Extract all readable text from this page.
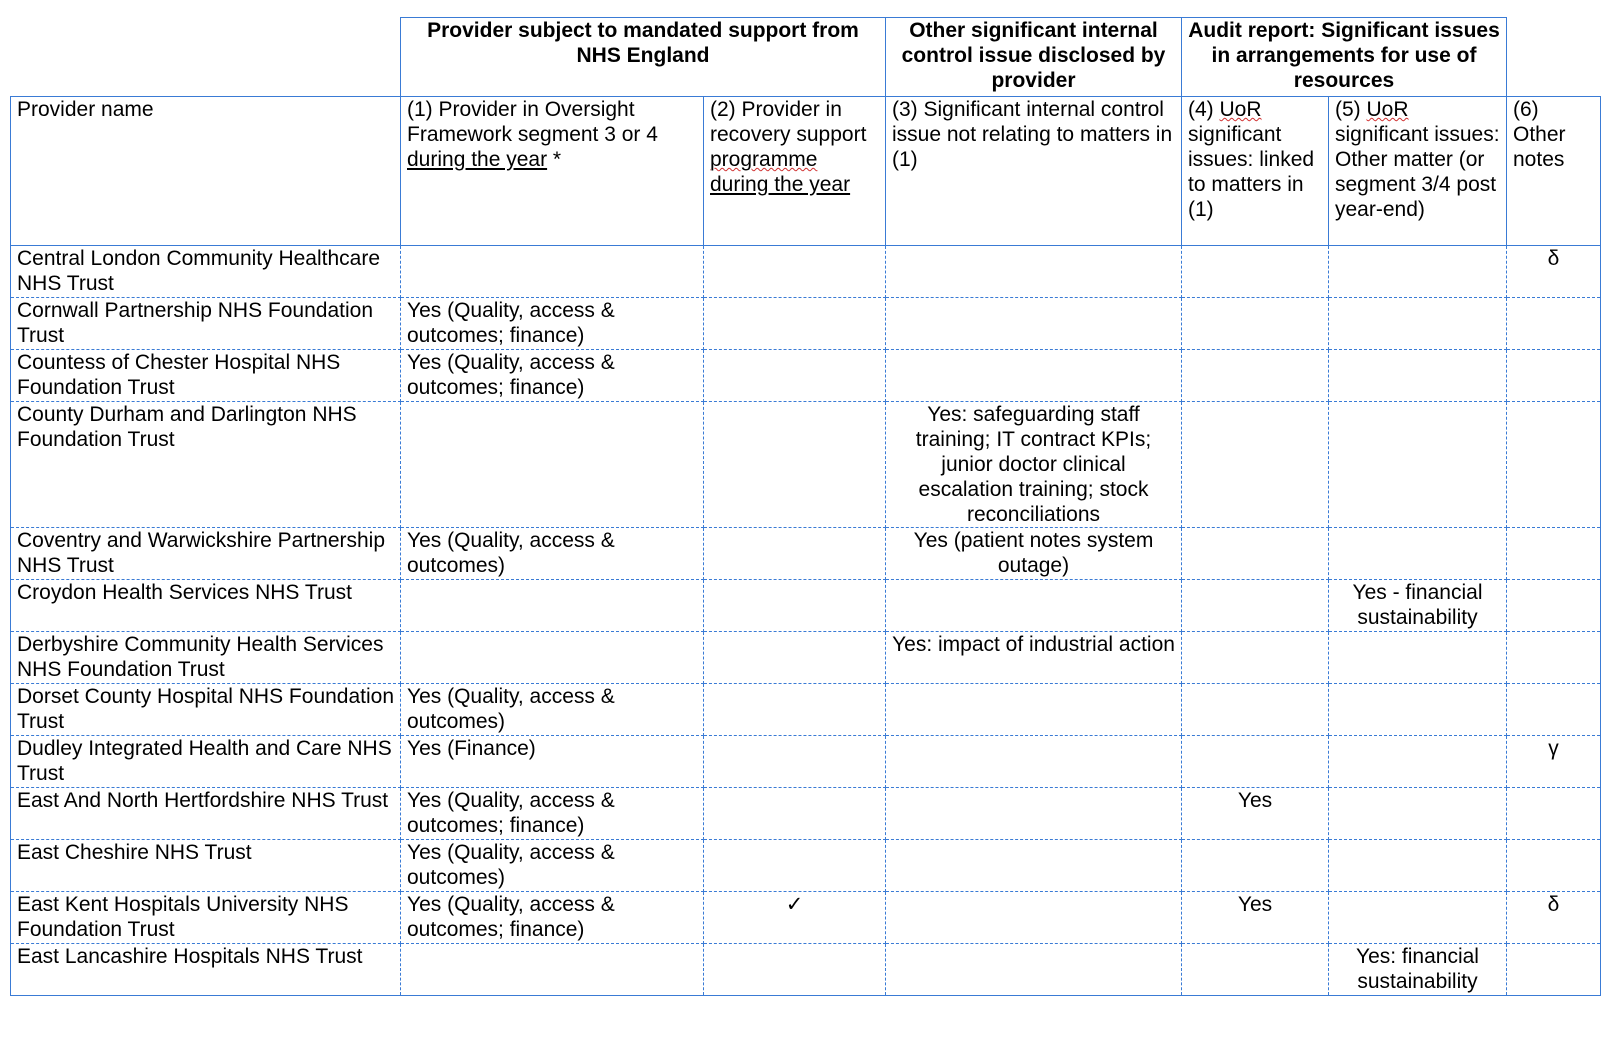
	Provider subject to mandated support from NHS England		Other significant internal control issue disclosed by provider	Audit report: Significant issues in arrangements for use of resources		
Provider name	(1) Provider in Oversight Framework segment 3 or 4 during the year *	(2) Provider in recovery support programme during the year	(3) Significant internal control issue not relating to matters in (1)	(4) UoR significant issues: linked to matters in (1)	(5) UoR significant issues: Other matter (or segment 3/4 post year-end)	(6) Other notes
Central London Community Healthcare NHS Trust						δ
Cornwall Partnership NHS Foundation Trust	Yes (Quality, access & outcomes; finance)					
Countess of Chester Hospital NHS Foundation Trust	Yes (Quality, access & outcomes; finance)					
County Durham and Darlington NHS Foundation Trust			Yes: safeguarding staff training; IT contract KPIs; junior doctor clinical escalation training; stock reconciliations			
Coventry and Warwickshire Partnership NHS Trust	Yes (Quality, access & outcomes)		Yes (patient notes system outage)			
Croydon Health Services NHS Trust					Yes - financial sustainability	
Derbyshire Community Health Services NHS Foundation Trust			Yes: impact of industrial action			
Dorset County Hospital NHS Foundation Trust	Yes (Quality, access & outcomes)					
Dudley Integrated Health and Care NHS Trust	Yes (Finance)					γ
East And North Hertfordshire NHS Trust	Yes (Quality, access & outcomes; finance)			Yes		
East Cheshire NHS Trust	Yes (Quality, access & outcomes)					
East Kent Hospitals University NHS Foundation Trust	Yes (Quality, access & outcomes; finance)	✓		Yes		δ
East Lancashire Hospitals NHS Trust					Yes: financial sustainability	
